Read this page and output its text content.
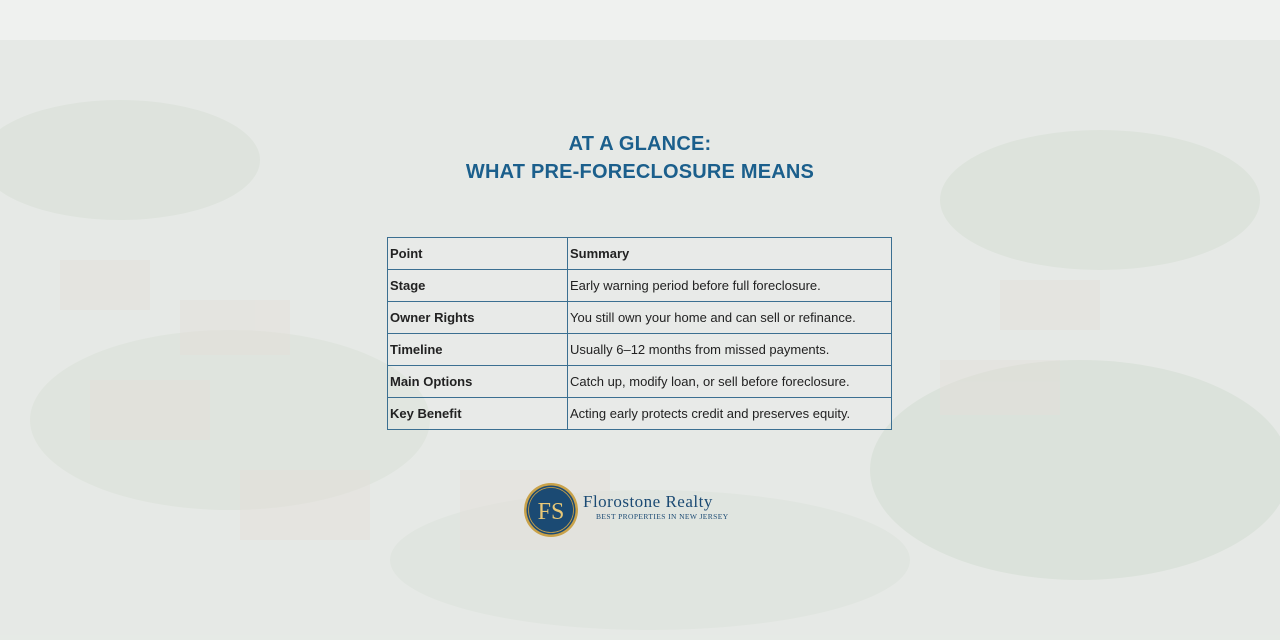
AT A GLANCE:
WHAT PRE-FORECLOSURE MEANS
Point	Summary
Stage	Early warning period before full foreclosure.
Owner Rights	You still own your home and can sell or refinance.
Timeline	Usually 6–12 months from missed payments.
Main Options	Catch up, modify loan, or sell before foreclosure.
Key Benefit	Acting early protects credit and preserves equity.
FS Florostone Realty
BEST PROPERTIES IN NEW JERSEY
